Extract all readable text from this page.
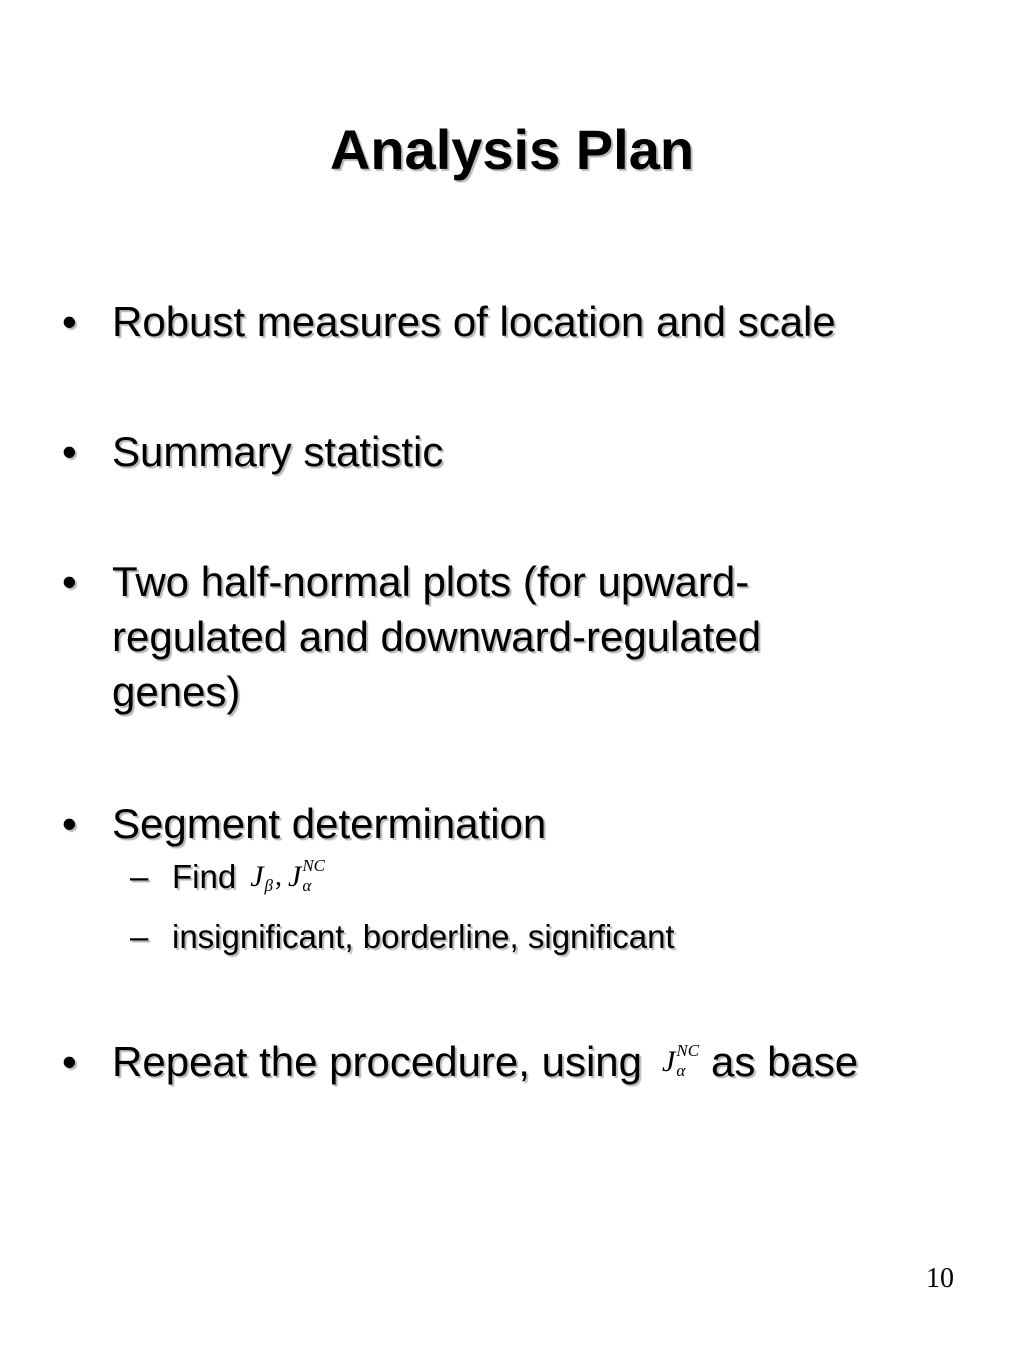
Analysis Plan
• Robust measures of location and scale
• Summary statistic
• Two half-normal plots (for upward-regulated and downward-regulated genes)
• Segment determination
– Find J β , J NC
α
– insignificant, borderline, significant
• Repeat the procedure, using J NC
α as base
10
